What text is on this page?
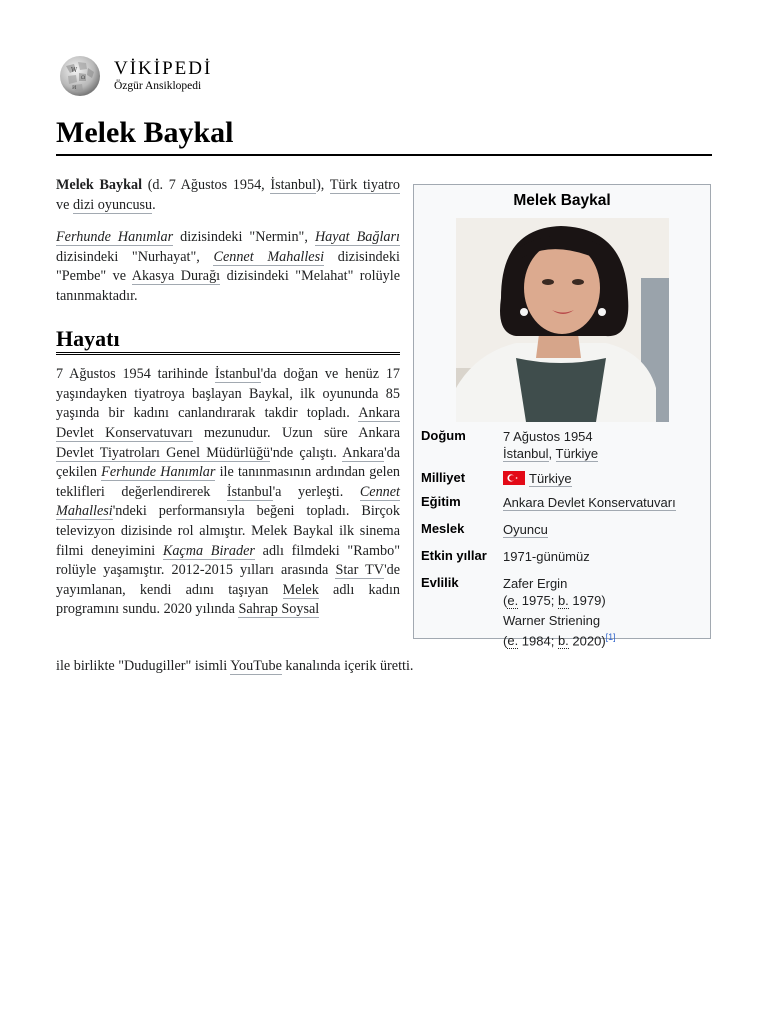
W
Ω
И
VİKİPEDİ
Özgür Ansiklopedi
Melek Baykal

Melek Baykal (d. 7 Ağustos 1954, İstanbul), Türk tiyatro ve dizi oyuncusu.

Ferhunde Hanımlar dizisindeki "Nermin", Hayat Bağları dizisindeki "Nurhayat", Cennet Mahallesi dizisindeki "Pembe" ve Akasya Durağı dizisindeki "Melahat" rolüyle tanınmaktadır.

Hayatı

7 Ağustos 1954 tarihinde İstanbul'da doğan ve henüz 17 yaşındayken tiyatroya başlayan Baykal, ilk oyununda 85 yaşında bir kadını canlandırarak takdir topladı. Ankara Devlet Konservatuvarı mezunudur. Uzun süre Ankara Devlet Tiyatroları Genel Müdürlüğü'nde çalıştı. Ankara'da çekilen Ferhunde Hanımlar ile tanınmasının ardından gelen teklifleri değerlendirerek İstanbul'a yerleşti. Cennet Mahallesi'ndeki performansıyla beğeni topladı. Birçok televizyon dizisinde rol almıştır. Melek Baykal ilk sinema filmi deneyimini Kaçma Birader adlı filmdeki "Rambo" rolüyle yaşamıştır. 2012-2015 yılları arasında Star TV'de yayımlanan, kendi adını taşıyan Melek adlı kadın programını sundu. 2020 yılında Sahrap Soysal

ile birlikte "Dudugiller" isimli YouTube kanalında içerik üretti.
Melek Baykal
Doğum	7 Ağustos 1954
İstanbul, Türkiye
Milliyet	Türkiye
Eğitim	Ankara Devlet Konservatuvarı
Meslek	Oyuncu
Etkin yıllar	1971-günümüz
Evlilik	Zafer Ergin
(e. 1975; b. 1979)
Warner Striening
(e. 1984; b. 2020)[1]
